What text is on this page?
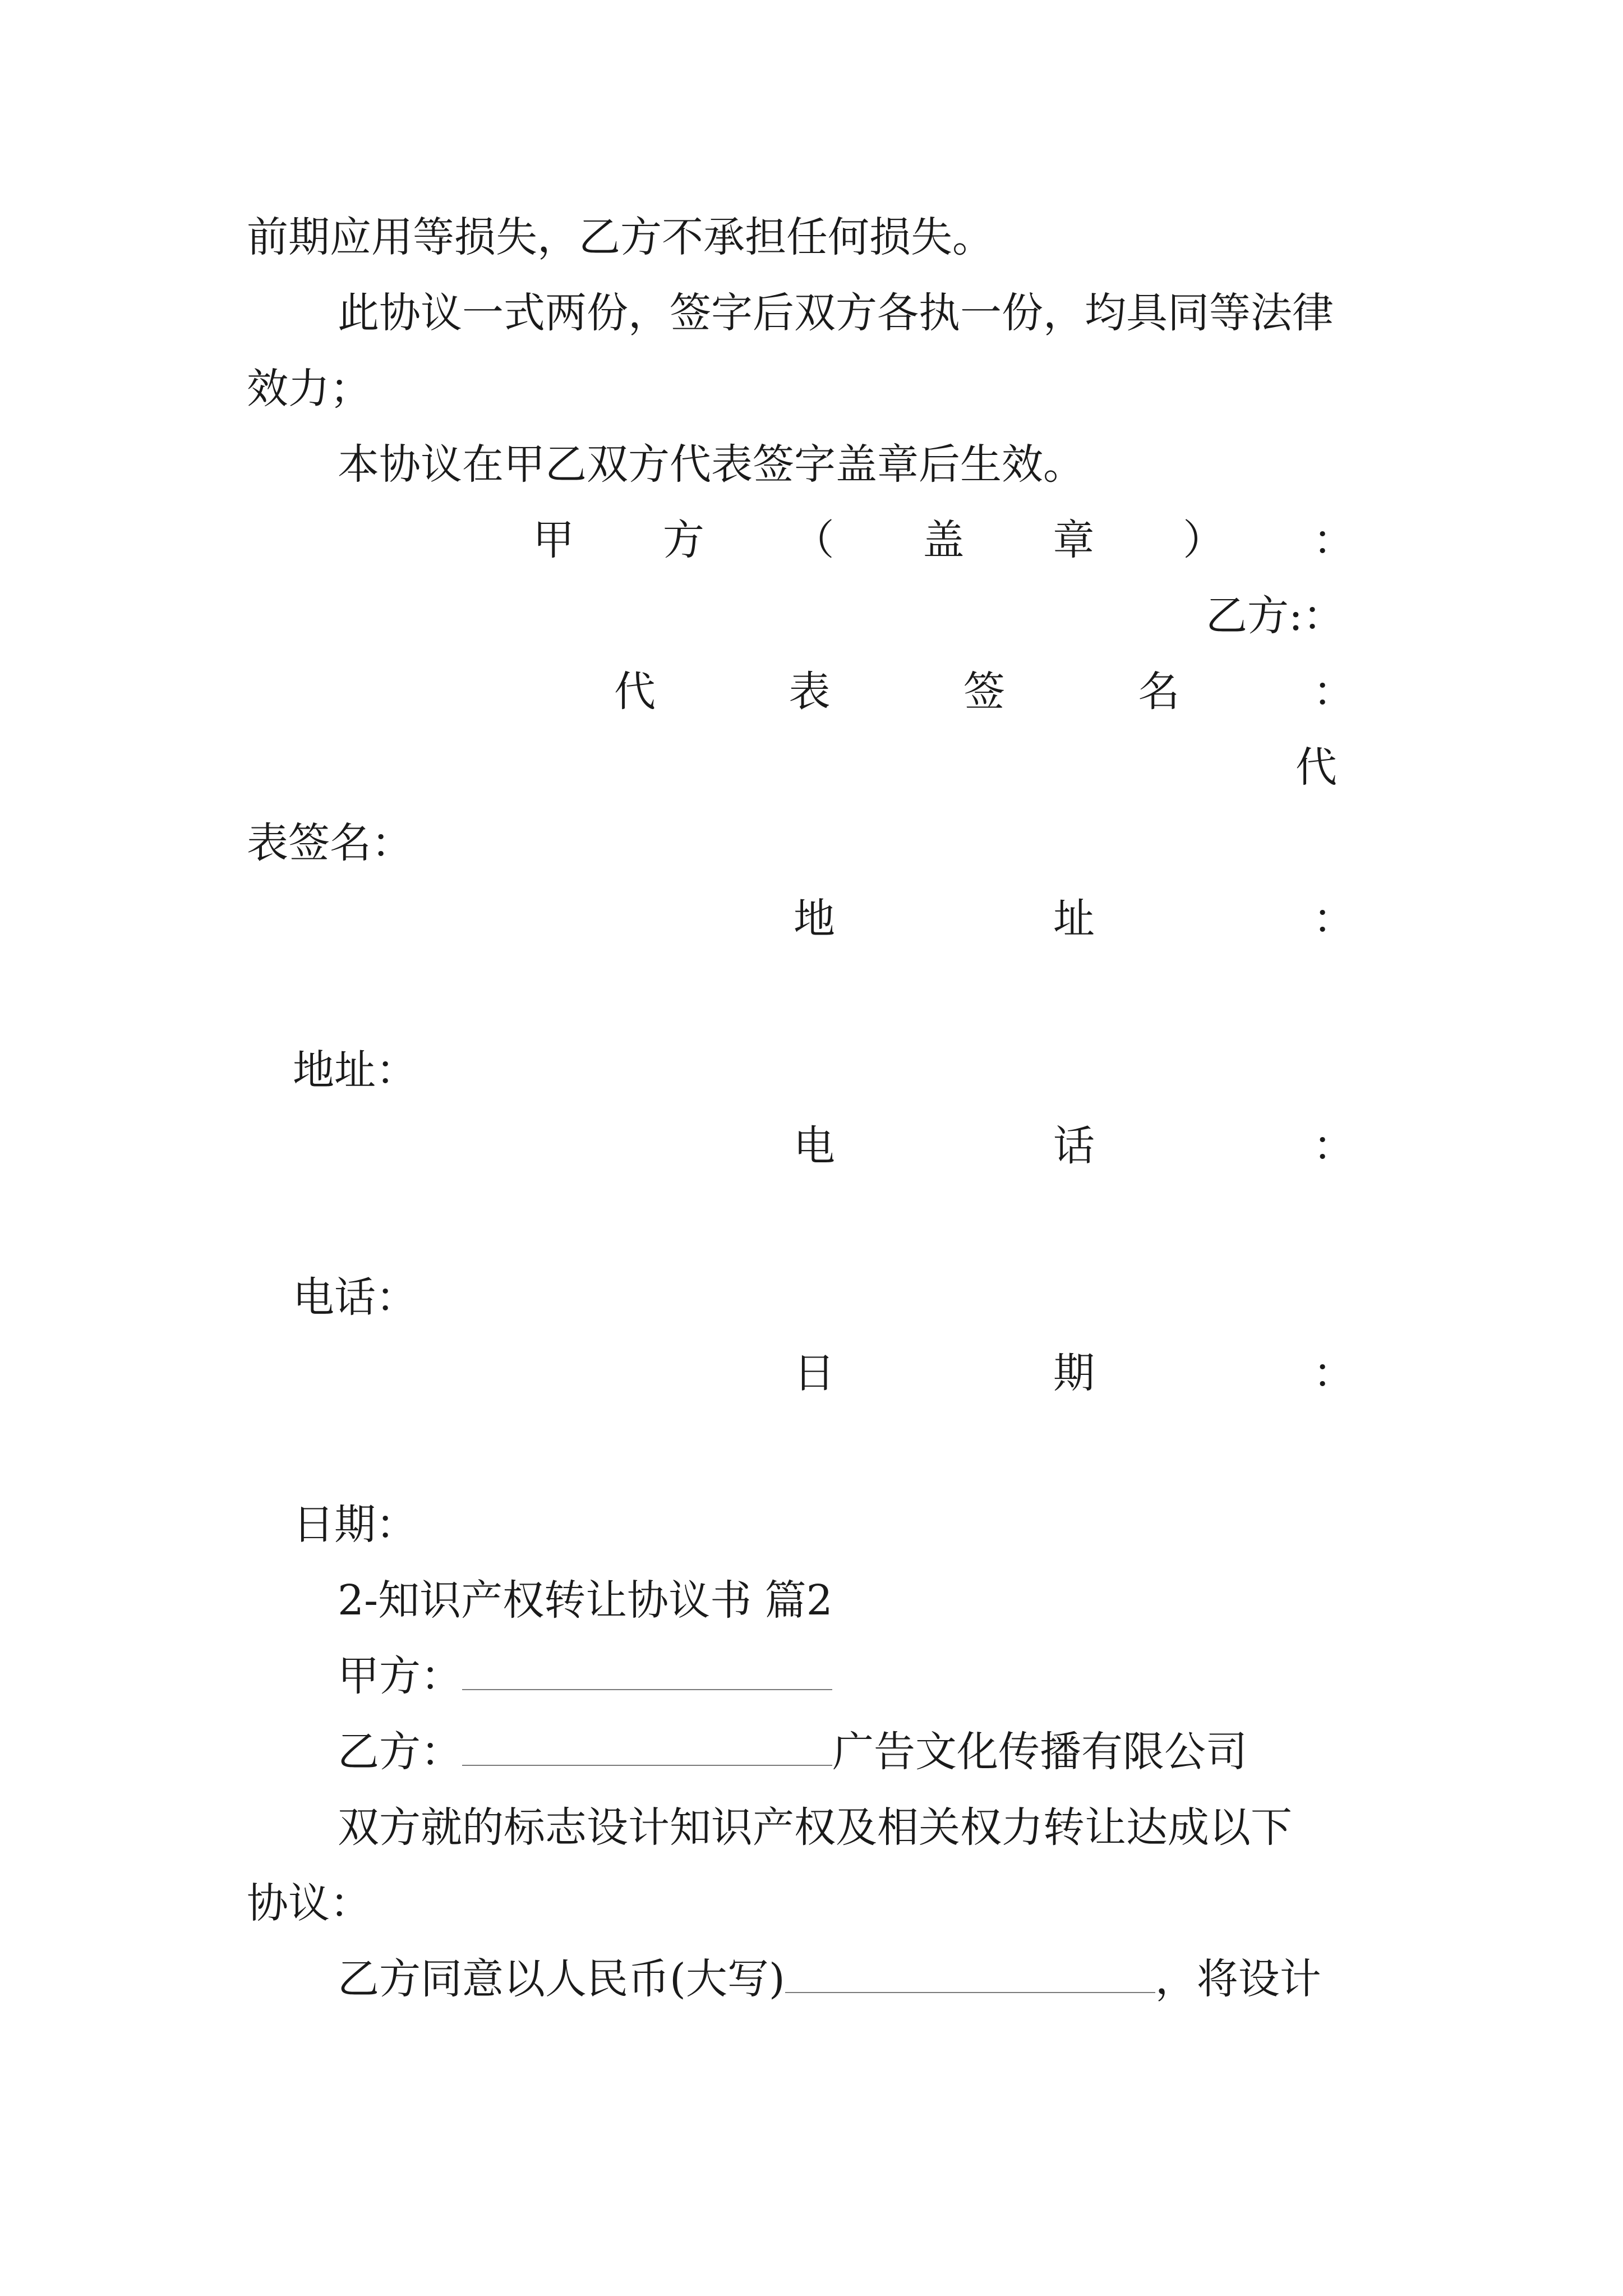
前期应用等损失，乙方不承担任何损失。
此协议一式两份，签字后双方各执一份，均具同等法律
效力；
本协议在甲乙双方代表签字盖章后生效。
甲 方 （ 盖 章 ） ：
乙方:：
代	表	签	名	：
代
表签名：
地	址	：
地址：
电	话	：
电话：
日	期	：
日期：
2-知识产权转让协议书 篇2
甲方：
乙方：	广告文化传播有限公司
双方就的标志设计知识产权及相关权力转让达成以下
协议：
乙方同意以人民币(大写)	，将设计
